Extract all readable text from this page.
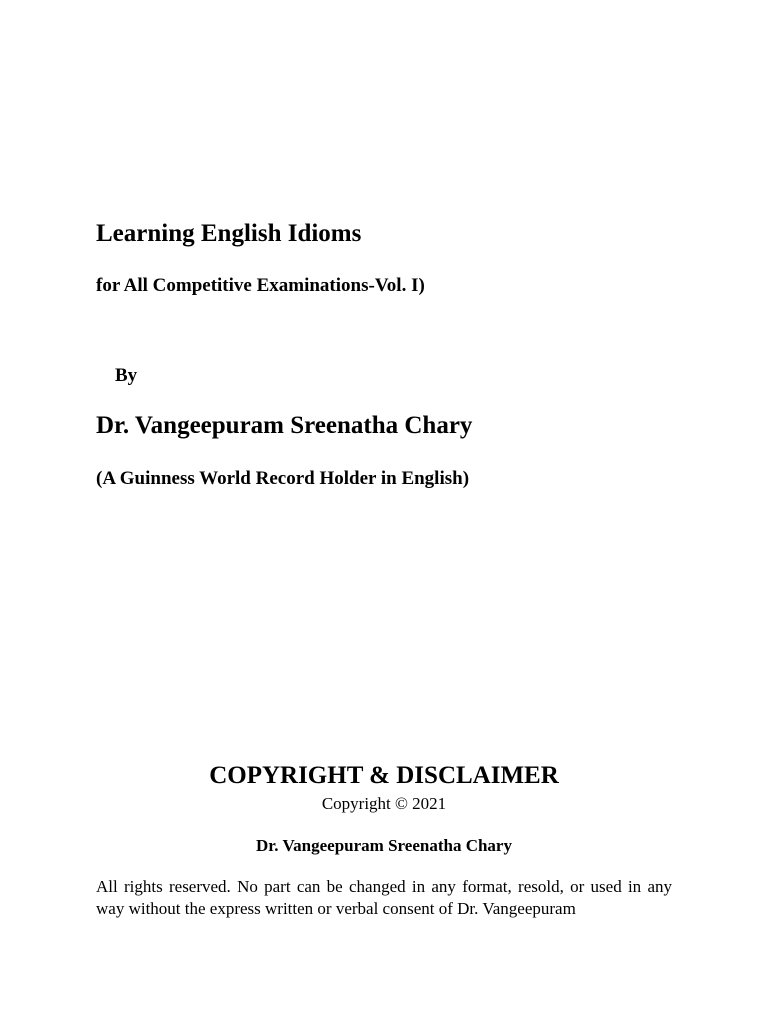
Learning English Idioms

for All Competitive Examinations-Vol. I)

By

Dr. Vangeepuram Sreenatha Chary

(A Guinness World Record Holder in English)

COPYRIGHT & DISCLAIMER

Copyright © 2021

Dr. Vangeepuram Sreenatha Chary

All rights reserved. No part can be changed in any format, resold, or used in any way without the express written or verbal consent of Dr. Vangeepuram
